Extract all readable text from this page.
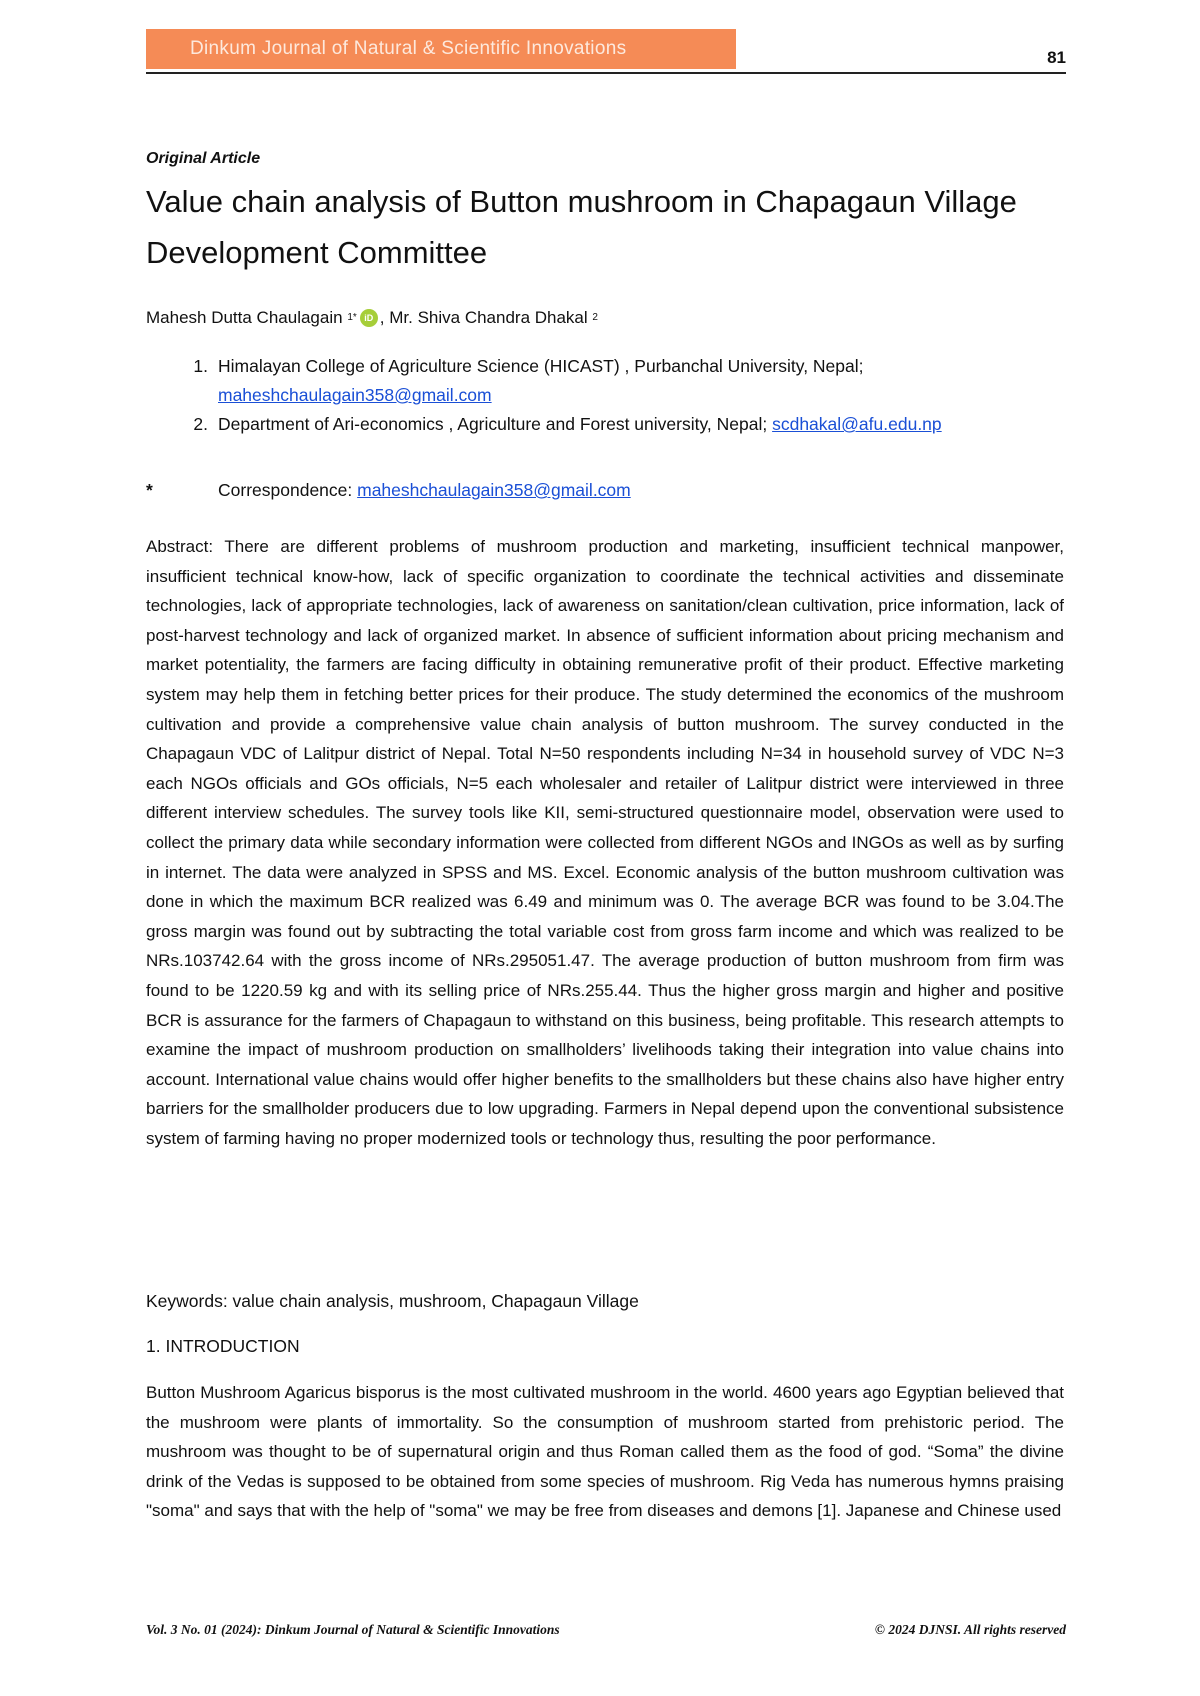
Dinkum Journal of Natural & Scientific Innovations	81
Original Article
Value chain analysis of Button mushroom in Chapagaun Village Development Committee
Mahesh Dutta Chaulagain
1* iD ,
Mr. Shiva Chandra Dhakal
2
1. Himalayan College of Agriculture Science (HICAST) , Purbanchal University, Nepal;
maheshchaulagain358@gmail.com
2. Department of Ari-economics , Agriculture and Forest university, Nepal; scdhakal@afu.edu.np
*	Correspondence:
maheshchaulagain358@gmail.com

Abstract: There are different problems of mushroom production and marketing, insufficient technical manpower, insufficient technical know-how, lack of specific organization to coordinate the technical activities and disseminate technologies, lack of appropriate technologies, lack of awareness on sanitation/clean cultivation, price information, lack of post-harvest technology and lack of organized market. In absence of sufficient information about pricing mechanism and market potentiality, the farmers are facing difficulty in obtaining remunerative profit of their product. Effective marketing system may help them in fetching better prices for their produce. The study determined the economics of the mushroom cultivation and provide a comprehensive value chain analysis of button mushroom. The survey conducted in the Chapagaun VDC of Lalitpur district of Nepal. Total N=50 respondents including N=34 in household survey of VDC N=3 each NGOs officials and GOs officials, N=5 each wholesaler and retailer of Lalitpur district were interviewed in three different interview schedules. The survey tools like KII, semi-structured questionnaire model, observation were used to collect the primary data while secondary information were collected from different NGOs and INGOs as well as by surfing in internet. The data were analyzed in SPSS and MS. Excel. Economic analysis of the button mushroom cultivation was done in which the maximum BCR realized was 6.49 and minimum was 0. The average BCR was found to be 3.04.The gross margin was found out by subtracting the total variable cost from gross farm income and which was realized to be NRs.103742.64 with the gross income of NRs.295051.47. The average production of button mushroom from firm was found to be 1220.59 kg and with its selling price of NRs.255.44. Thus the higher gross margin and higher and positive BCR is assurance for the farmers of Chapagaun to withstand on this business, being profitable. This research attempts to examine the impact of mushroom production on smallholders’ livelihoods taking their integration into value chains into account. International value chains would offer higher benefits to the smallholders but these chains also have higher entry barriers for the smallholder producers due to low upgrading. Farmers in Nepal depend upon the conventional subsistence system of farming having no proper modernized tools or technology thus, resulting the poor performance.

Keywords: value chain analysis, mushroom, Chapagaun Village

1. INTRODUCTION

Button Mushroom Agaricus bisporus is the most cultivated mushroom in the world. 4600 years ago Egyptian believed that the mushroom were plants of immortality. So the consumption of mushroom started from prehistoric period. The mushroom was thought to be of supernatural origin and thus Roman called them as the food of god. “Soma” the divine drink of the Vedas is supposed to be obtained from some species of mushroom. Rig Veda has numerous hymns praising "soma" and says that with the help of "soma" we may be free from diseases and demons [1]. Japanese and Chinese used

Vol. 3 No. 01 (2024): Dinkum Journal of Natural & Scientific Innovations	© 2024 DJNSI. All rights reserved
